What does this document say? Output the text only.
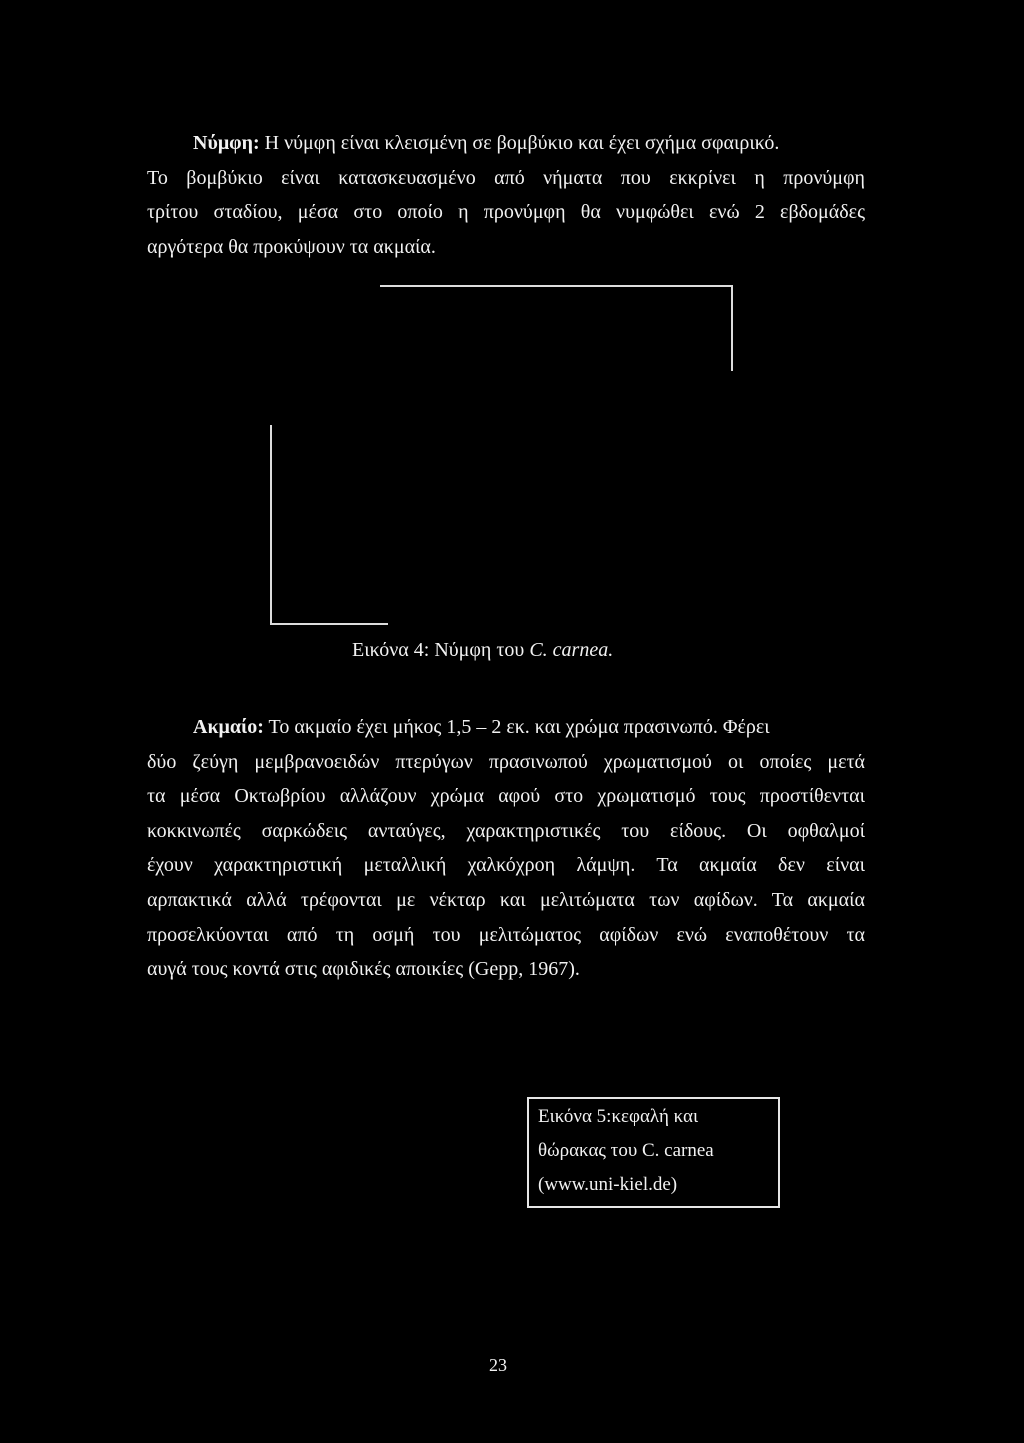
Νύμφη: Η νύμφη είναι κλεισμένη σε βομβύκιο και έχει σχήμα σφαιρικό.
Το βομβύκιο είναι κατασκευασμένο από νήματα που εκκρίνει η προνύμφη
τρίτου σταδίου, μέσα στο οποίο η προνύμφη θα νυμφώθει ενώ 2 εβδομάδες
αργότερα θα προκύψουν τα ακμαία.
Εικόνα 4: Νύμφη του C. carnea.
Ακμαίο: Το ακμαίο έχει μήκος 1,5 – 2 εκ. και χρώμα πρασινωπό. Φέρει
δύο ζεύγη μεμβρανοειδών πτερύγων πρασινωπού χρωματισμού οι οποίες μετά
τα μέσα Οκτωβρίου αλλάζουν χρώμα αφού στο χρωματισμό τους προστίθενται
κοκκινωπές σαρκώδεις ανταύγες, χαρακτηριστικές του είδους. Οι οφθαλμοί
έχουν χαρακτηριστική μεταλλική χαλκόχροη λάμψη. Τα ακμαία δεν είναι
αρπακτικά αλλά τρέφονται με νέκταρ και μελιτώματα των αφίδων. Τα ακμαία
προσελκύονται από τη οσμή του μελιτώματος αφίδων ενώ εναποθέτουν τα
αυγά τους κοντά στις αφιδικές αποικίες (Gepp, 1967).
Εικόνα 5:κεφαλή και
θώρακας του C. carnea
(www.uni-kiel.de)
23
